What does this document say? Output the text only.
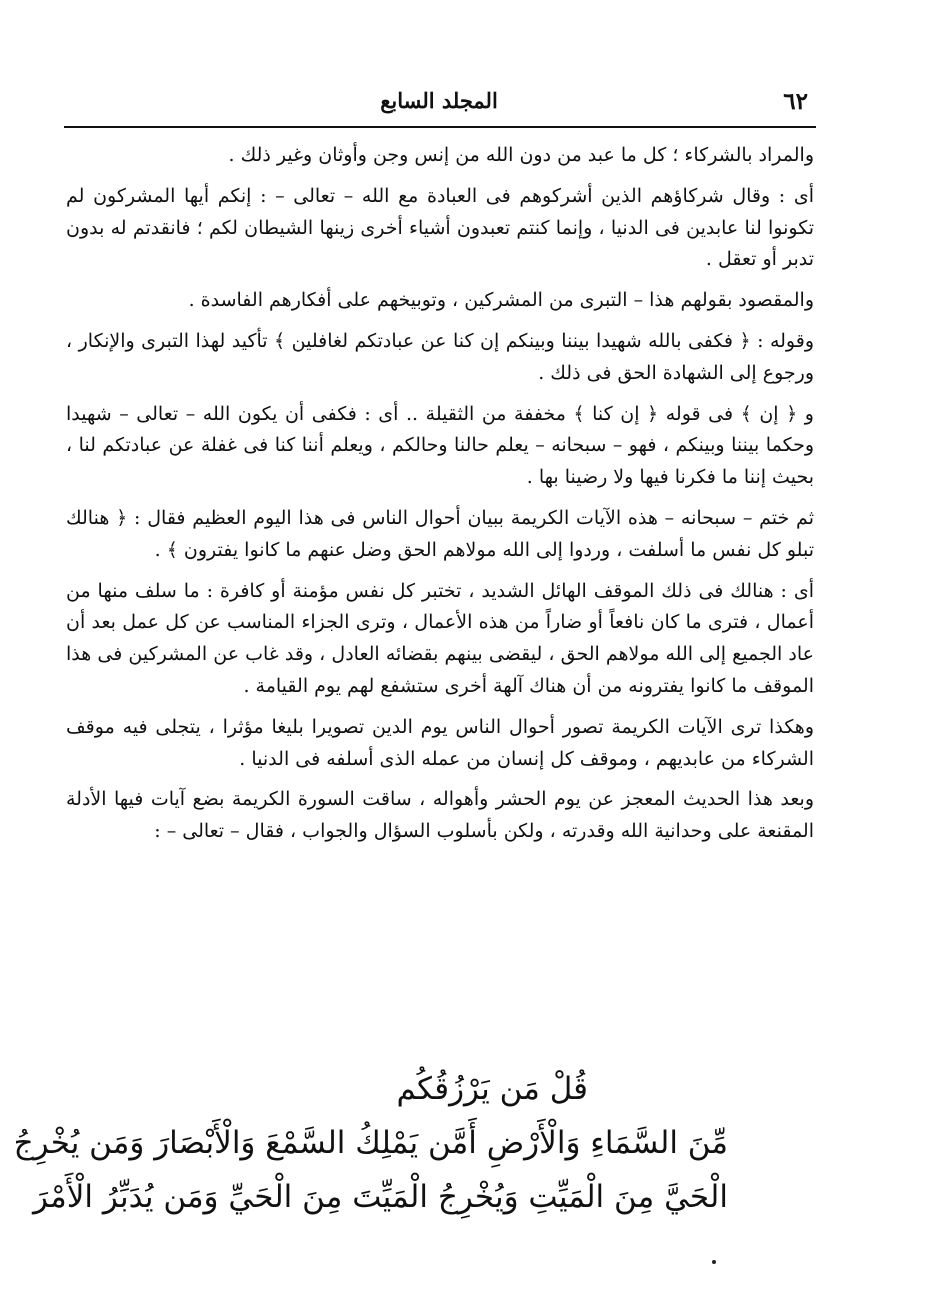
٦٢
المجلد السابع

والمراد بالشركاء ؛ كل ما عبد من دون الله من إنس وجن وأوثان وغير ذلك .

أى : وقال شركاؤهم الذين أشركوهم فى العبادة مع الله – تعالى – : إنكم أيها المشركون لم تكونوا لنا عابدين فى الدنيا ، وإنما كنتم تعبدون أشياء أخرى زينها الشيطان لكم ؛ فانقدتم له بدون تدبر أو تعقل .

والمقصود بقولهم هذا – التبرى من المشركين ، وتوبيخهم على أفكارهم الفاسدة .

وقوله : ﴿ فكفى بالله شهيدا بيننا وبينكم إن كنا عن عبادتكم لغافلين ﴾ تأكيد لهذا التبرى والإنكار ، ورجوع إلى الشهادة الحق فى ذلك .

و ﴿ إن ﴾ فى قوله ﴿ إن كنا ﴾ مخففة من الثقيلة .. أى : فكفى أن يكون الله – تعالى – شهيدا وحكما بيننا وبينكم ، فهو – سبحانه – يعلم حالنا وحالكم ، ويعلم أننا كنا فى غفلة عن عبادتكم لنا ، بحيث إننا ما فكرنا فيها ولا رضينا بها .

ثم ختم – سبحانه – هذه الآيات الكريمة ببيان أحوال الناس فى هذا اليوم العظيم فقال : ﴿ هنالك تبلو كل نفس ما أسلفت ، وردوا إلى الله مولاهم الحق وضل عنهم ما كانوا يفترون ﴾ .

أى : هنالك فى ذلك الموقف الهائل الشديد ، تختبر كل نفس مؤمنة أو كافرة : ما سلف منها من أعمال ، فترى ما كان نافعاً أو ضاراً من هذه الأعمال ، وترى الجزاء المناسب عن كل عمل بعد أن عاد الجميع إلى الله مولاهم الحق ، ليقضى بينهم بقضائه العادل ، وقد غاب عن المشركين فى هذا الموقف ما كانوا يفترونه من أن هناك آلهة أخرى ستشفع لهم يوم القيامة .

وهكذا ترى الآيات الكريمة تصور أحوال الناس يوم الدين تصويرا بليغا مؤثرا ، يتجلى فيه موقف الشركاء من عابديهم ، وموقف كل إنسان من عمله الذى أسلفه فى الدنيا .

وبعد هذا الحديث المعجز عن يوم الحشر وأهواله ، ساقت السورة الكريمة بضع آيات فيها الأدلة المقنعة على وحدانية الله وقدرته ، ولكن بأسلوب السؤال والجواب ، فقال – تعالى – :

قُلْ مَن يَرْزُقُكُم
مِّنَ السَّمَاءِ وَالْأَرْضِ أَمَّن يَمْلِكُ السَّمْعَ وَالْأَبْصَارَ وَمَن يُخْرِجُ
الْحَيَّ مِنَ الْمَيِّتِ وَيُخْرِجُ الْمَيِّتَ مِنَ الْحَيِّ وَمَن يُدَبِّرُ الْأَمْرَ
